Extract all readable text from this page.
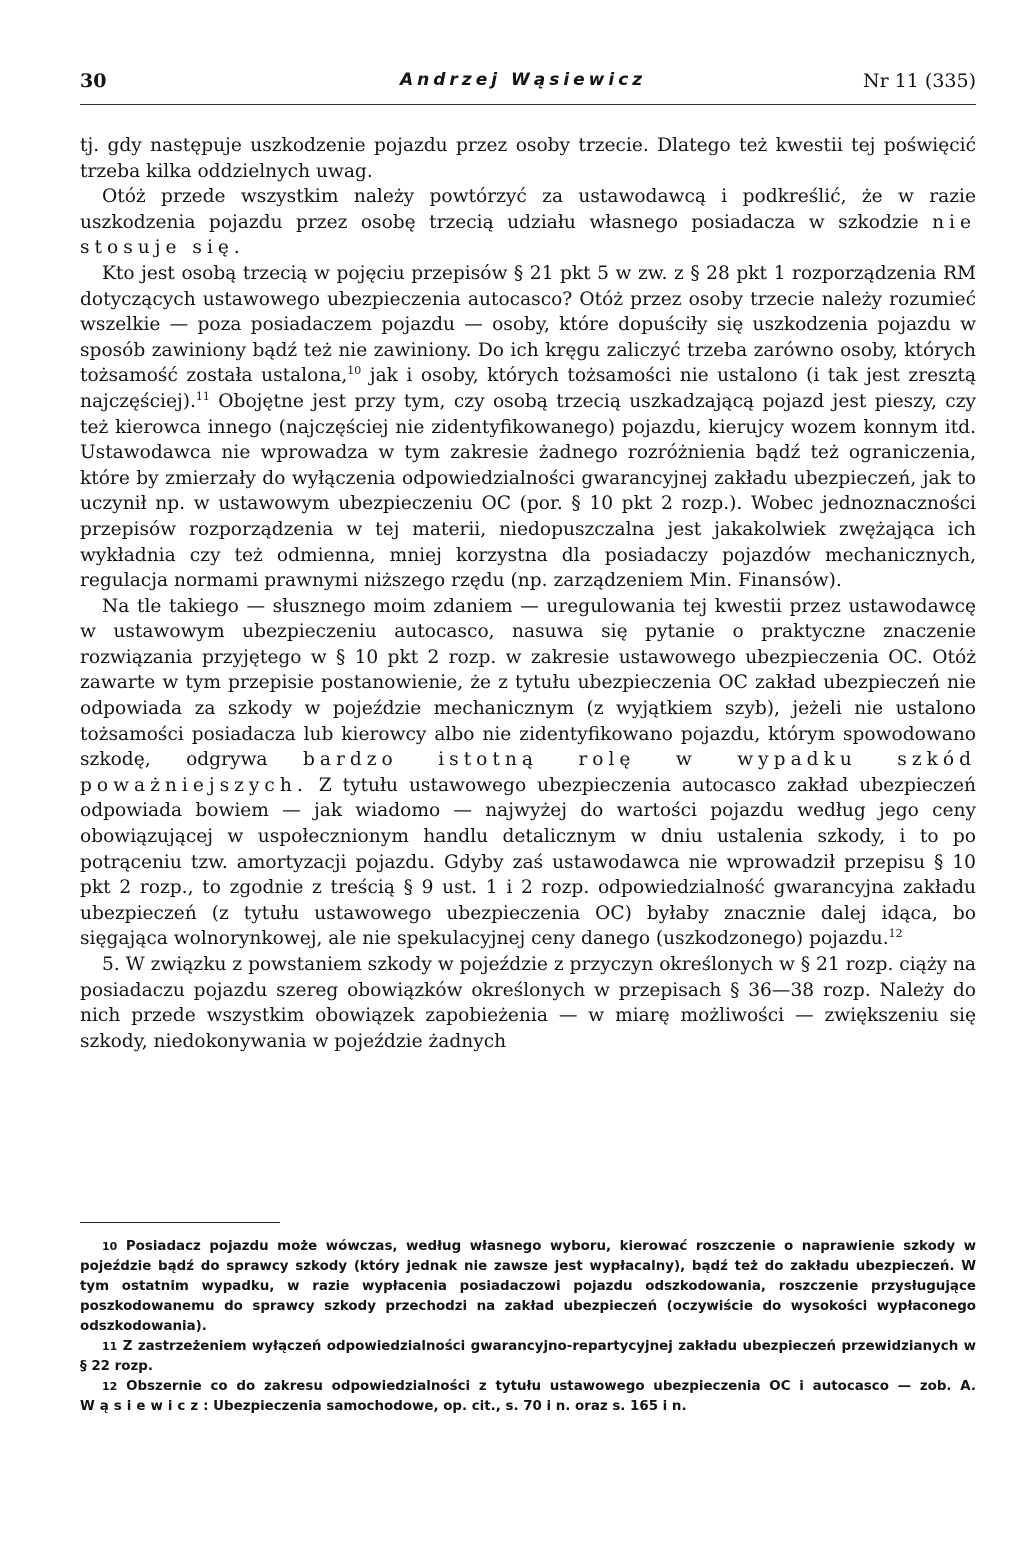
30	Andrzej Wąsiewicz	Nr 11 (335)

tj. gdy następuje uszkodzenie pojazdu przez osoby trzecie. Dlatego też kwestii tej poświęcić trzeba kilka oddzielnych uwag.

Otóż przede wszystkim należy powtórzyć za ustawodawcą i podkreślić, że w razie uszkodzenia pojazdu przez osobę trzecią udziału własnego posiadacza w szkodzie nie stosuje się.

Kto jest osobą trzecią w pojęciu przepisów § 21 pkt 5 w zw. z § 28 pkt 1 rozporządzenia RM dotyczących ustawowego ubezpieczenia autocasco? Otóż przez osoby trzecie należy rozumieć wszelkie — poza posiadaczem pojazdu — osoby, które dopuściły się uszkodzenia pojazdu w sposób zawiniony bądź też nie zawiniony. Do ich kręgu zaliczyć trzeba zarówno osoby, których tożsamość została ustalona,$^{10}$ jak i osoby, których tożsamości nie ustalono (i tak jest zresztą najczęściej).$^{11}$ Obojętne jest przy tym, czy osobą trzecią uszkadzającą pojazd jest pieszy, czy też kierowca innego (najczęściej nie zidentyfikowanego) pojazdu, kierujcy wozem konnym itd. Ustawodawca nie wprowadza w tym zakresie żadnego rozróżnienia bądź też ograniczenia, które by zmierzały do wyłączenia odpowiedzialności gwarancyjnej zakładu ubezpieczeń, jak to uczynił np. w ustawowym ubezpieczeniu OC (por. § 10 pkt 2 rozp.). Wobec jednoznaczności przepisów rozporządzenia w tej materii, niedopuszczalna jest jakakolwiek zwężająca ich wykładnia czy też odmienna, mniej korzystna dla posiadaczy pojazdów mechanicznych, regulacja normami prawnymi niższego rzędu (np. zarządzeniem Min. Finansów).

Na tle takiego — słusznego moim zdaniem — uregulowania tej kwestii przez ustawodawcę w ustawowym ubezpieczeniu autocasco, nasuwa się pytanie o praktyczne znaczenie rozwiązania przyjętego w § 10 pkt 2 rozp. w zakresie ustawowego ubezpieczenia OC. Otóż zawarte w tym przepisie postanowienie, że z tytułu ubezpieczenia OC zakład ubezpieczeń nie odpowiada za szkody w pojeździe mechanicznym (z wyjątkiem szyb), jeżeli nie ustalono tożsamości posiadacza lub kierowcy albo nie zidentyfikowano pojazdu, którym spowodowano szkodę, odgrywa bardzo istotną rolę w wypadku szkód poważniejszych. Z tytułu ustawowego ubezpieczenia autocasco zakład ubezpieczeń odpowiada bowiem — jak wiadomo — najwyżej do wartości pojazdu według jego ceny obowiązującej w uspołecznionym handlu detalicznym w dniu ustalenia szkody, i to po potrąceniu tzw. amortyzacji pojazdu. Gdyby zaś ustawodawca nie wprowadził przepisu § 10 pkt 2 rozp., to zgodnie z treścią § 9 ust. 1 i 2 rozp. odpowiedzialność gwarancyjna zakładu ubezpieczeń (z tytułu ustawowego ubezpieczenia OC) byłaby znacznie dalej idąca, bo sięgająca wolnorynkowej, ale nie spekulacyjnej ceny danego (uszkodzonego) pojazdu.$^{12}$

5. W związku z powstaniem szkody w pojeździe z przyczyn określonych w § 21 rozp. ciąży na posiadaczu pojazdu szereg obowiązków określonych w przepisach § 36—38 rozp. Należy do nich przede wszystkim obowiązek zapobieżenia — w miarę możliwości — zwiększeniu się szkody, niedokonywania w pojeździe żadnych

10 Posiadacz pojazdu może wówczas, według własnego wyboru, kierować roszczenie o naprawienie szkody w pojeździe bądź do sprawcy szkody (który jednak nie zawsze jest wypłacalny), bądź też do zakładu ubezpieczeń. W tym ostatnim wypadku, w razie wypłacenia posiadaczowi pojazdu odszkodowania, roszczenie przysługujące poszkodowanemu do sprawcy szkody przechodzi na zakład ubezpieczeń (oczywiście do wysokości wypłaconego odszkodowania).

11 Z zastrzeżeniem wyłączeń odpowiedzialności gwarancyjno-repartycyjnej zakładu ubezpieczeń przewidzianych w § 22 rozp.

12 Obszernie co do zakresu odpowiedzialności z tytułu ustawowego ubezpieczenia OC i autocasco — zob. A. Wąsiewicz: Ubezpieczenia samochodowe, op. cit., s. 70 i n. oraz s. 165 i n.
